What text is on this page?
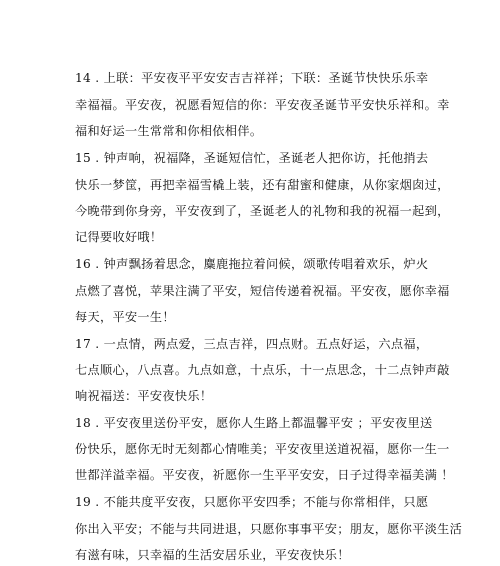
14 . 上联：平安夜平平安安吉吉祥祥；下联：圣诞节快快乐乐幸
幸福福。平安夜，祝愿看短信的你：平安夜圣诞节平安快乐祥和。幸
福和好运一生常常和你相依相伴。
15 . 钟声响，祝福降，圣诞短信忙，圣诞老人把你访，托他捎去
快乐一梦筐，再把幸福雪橇上装，还有甜蜜和健康，从你家烟囱过，
今晚带到你身旁，平安夜到了，圣诞老人的礼物和我的祝福一起到，
记得要收好哦！
16 . 钟声飘扬着思念，麋鹿拖拉着问候，颂歌传唱着欢乐，炉火
点燃了喜悦，苹果注满了平安，短信传递着祝福。平安夜，愿你幸福
每天，平安一生！
17 . 一点情，两点爱，三点吉祥，四点财。五点好运，六点福，
七点顺心，八点喜。九点如意，十点乐，十一点思念，十二点钟声敲
响祝福送：平安夜快乐！
18 . 平安夜里送份平安，愿你人生路上都温馨平安 ；平安夜里送
份快乐，愿你无时无刻都心情唯美；平安夜里送道祝福，愿你一生一
世都洋溢幸福。平安夜，祈愿你一生平平安安，日子过得幸福美满 ！
19 . 不能共度平安夜，只愿你平安四季；不能与你常相伴，只愿
你出入平安；不能与共同进退，只愿你事事平安；朋友，愿你平淡生活
有滋有味，只幸福的生活安居乐业，平安夜快乐！
